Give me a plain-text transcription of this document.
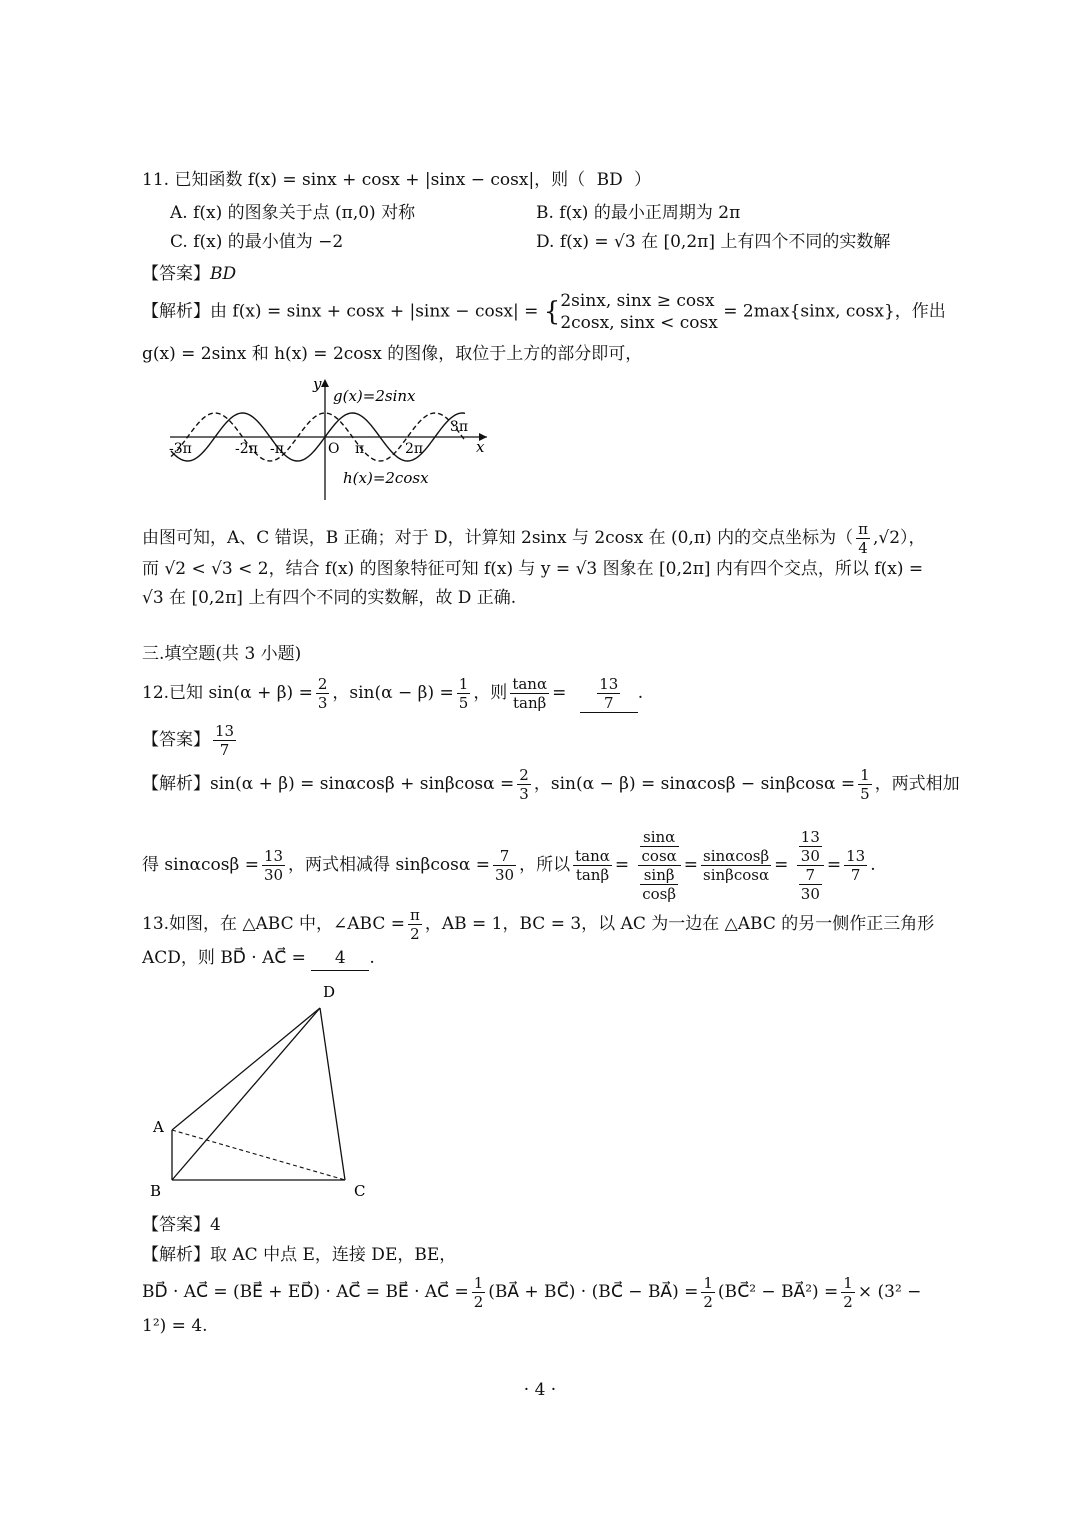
11. 已知函数 f(x) = sinx + cosx + |sinx − cosx|，则（ BD ）
A. f(x) 的图象关于点 (π,0) 对称	B. f(x) 的最小正周期为 2π
C. f(x) 的最小值为 −2	D. f(x) = √3 在 [0,2π] 上有四个不同的实数解
【答案】BD
【解析】由 f(x) = sinx + cosx + |sinx − cosx| = { 2sinx, sinx ≥ cosx
2cosx, sinx < cosx
= 2max{sinx, cosx}，作出
g(x) = 2sinx 和 h(x) = 2cosx 的图像，取位于上方的部分即可，
y
x
g(x)=2sinx
h(x)=2cosx
-3π	-2π -π	O π	2π
3π
由图可知，A、C 错误，B 正确；对于 D，计算知 2sinx 与 2cosx 在 (0,π) 内的交点坐标为（ $\frac{\pi}{4} ,√2$），
而 √2 < √3 < 2，结合 f(x) 的图象特征可知 f(x) 与 y = √3 图象在 [0,2π] 内有四个交点，所以 f(x) =
√3 在 [0,2π] 上有四个不同的实数解，故 D 正确.
三.填空题(共 3 小题)
12.已知 $\sin(\alpha + \beta) = \frac{2}{3}$ ，$\sin(\alpha - \beta) = \frac{1}{5}$ ，则 $\frac{\tan\alpha}{\tan\beta} = \frac{13}{7}$ .
【答案】 $\frac{13}{7}$
【解析】$\sin(\alpha + \beta) = \sin\alpha\cos\beta + \sin\beta\cos\alpha = \frac{2}{3}$ ，$\sin(\alpha - \beta) = \sin\alpha\cos\beta - \sin\beta\cos\alpha = \frac{1}{5}$ ，两式相加
得 $\sin\alpha\cos\beta = \frac{13}{30}$ ，两式相减得 $\sin\beta\cos\alpha = \frac{7}{30}$ ，所以 $\frac{\tan\alpha}{\tan\beta} = \frac{\frac{\sin\alpha}{\cos\alpha}}{\frac{\sin\beta}{\cos\beta}} = \frac{\sin\alpha\cos\beta}{\sin\beta\cos\alpha} = \frac{\frac{13}{30}}{\frac{7}{30}} = \frac{13}{7}$ .
13.如图，在 △ABC 中，∠ABC = $\frac{\pi}{2}$ ，AB = 1，BC = 3，以 AC 为一边在 △ABC 的另一侧作正三角形
ACD，则 BD⃗ · AC⃗ = 4 .
D
A
B	C
【答案】4
【解析】取 AC 中点 E，连接 DE，BE，
BD⃗ · AC⃗ = (BE⃗ + ED⃗) · AC⃗ = BE⃗ · AC⃗ = $\frac{1}{2}$ (BA⃗ + BC⃗) · (BC⃗ − BA⃗) = $\frac{1}{2}$ (BC⃗² − BA⃗²) = $\frac{1}{2} \times (3^2$ −
1²) = 4.
· 4 ·
